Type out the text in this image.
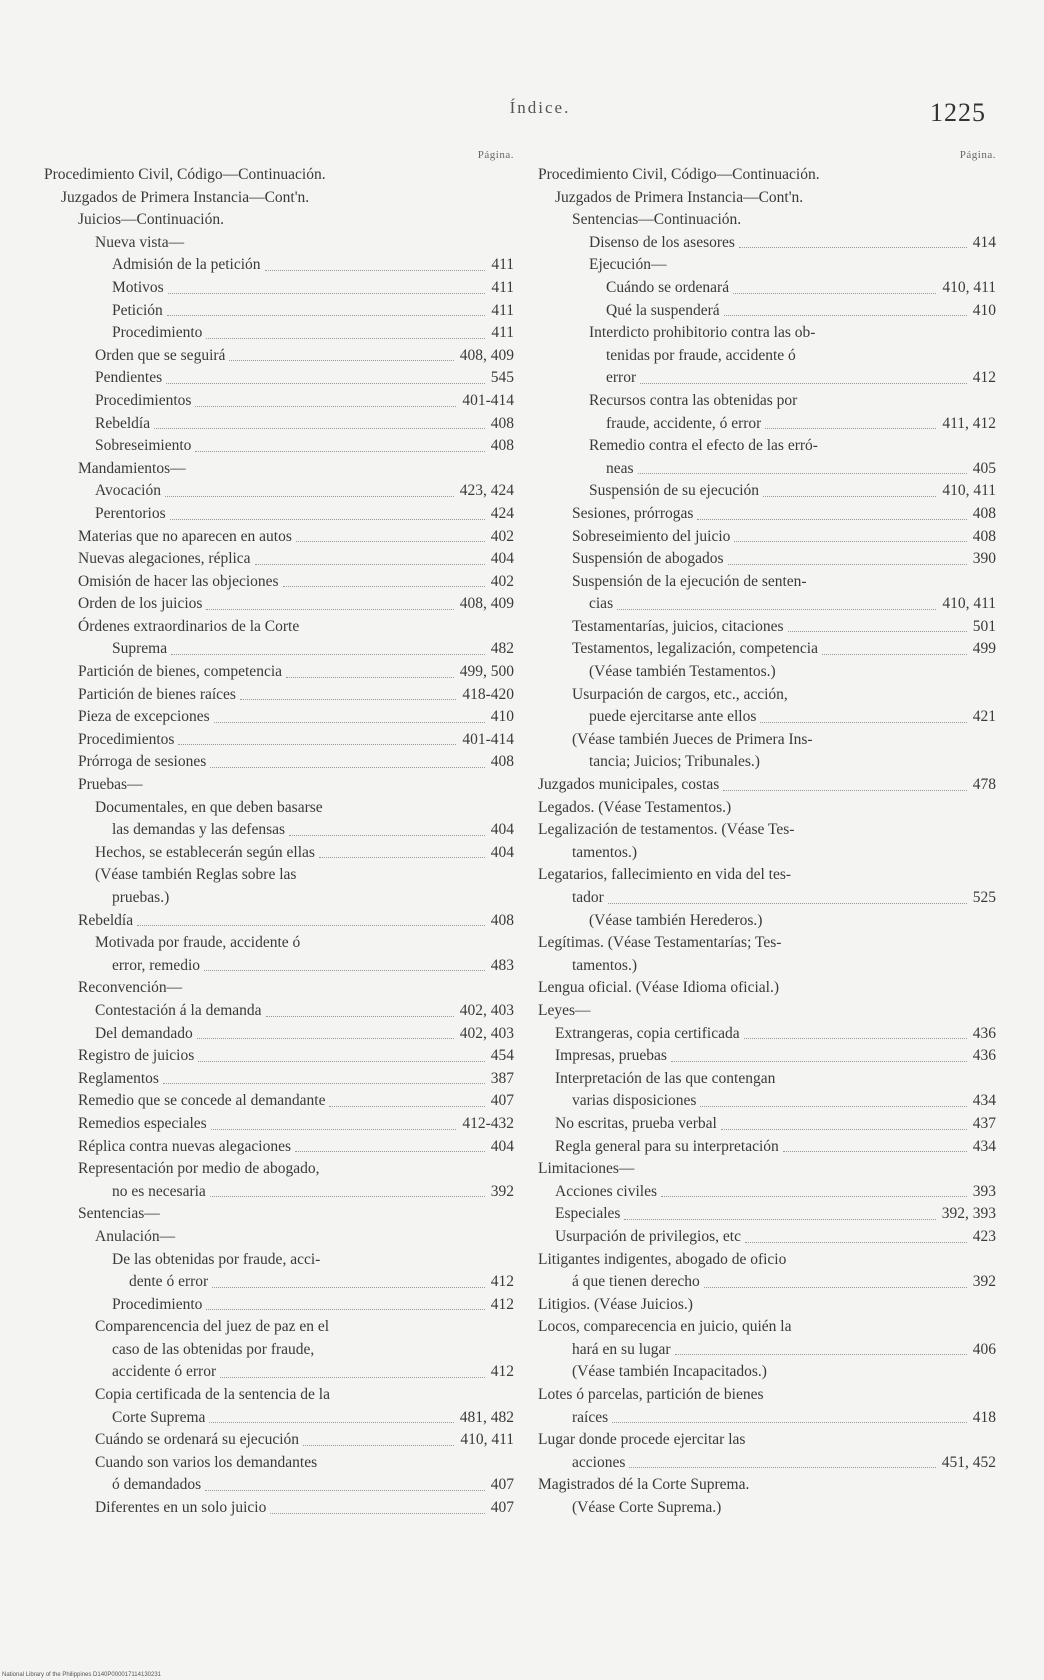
Índice.	1225
Página.
Procedimiento Civil, Código—Continuación.
Juzgados de Primera Instancia—Cont'n.
Juicios—Continuación.
Nueva vista—
Admisión de la petición	411
Motivos	411
Petición	411
Procedimiento	411
Orden que se seguirá	408, 409
Pendientes	545
Procedimientos	401-414
Rebeldía	408
Sobreseimiento	408
Mandamientos—
Avocación	423, 424
Perentorios	424
Materias que no aparecen en autos	402
Nuevas alegaciones, réplica	404
Omisión de hacer las objeciones	402
Orden de los juicios	408, 409
Órdenes extraordinarios de la Corte
Suprema	482
Partición de bienes, competencia	499, 500
Partición de bienes raíces	418-420
Pieza de excepciones	410
Procedimientos	401-414
Prórroga de sesiones	408
Pruebas—
Documentales, en que deben basarse
las demandas y las defensas	404
Hechos, se establecerán según ellas	404
(Véase también Reglas sobre las
pruebas.)
Rebeldía	408
Motivada por fraude, accidente ó
error, remedio	483
Reconvención—
Contestación á la demanda	402, 403
Del demandado	402, 403
Registro de juicios	454
Reglamentos	387
Remedio que se concede al demandante	407
Remedios especiales	412-432
Réplica contra nuevas alegaciones	404
Representación por medio de abogado,
no es necesaria	392
Sentencias—
Anulación—
De las obtenidas por fraude, acci-
dente ó error	412
Procedimiento	412
Comparencencia del juez de paz en el
caso de las obtenidas por fraude,
accidente ó error	412
Copia certificada de la sentencia de la
Corte Suprema	481, 482
Cuándo se ordenará su ejecución	410, 411
Cuando son varios los demandantes
ó demandados	407
Diferentes en un solo juicio	407
Página.
Procedimiento Civil, Código—Continuación.
Juzgados de Primera Instancia—Cont'n.
Sentencias—Continuación.
Disenso de los asesores	414
Ejecución—
Cuándo se ordenará	410, 411
Qué la suspenderá	410
Interdicto prohibitorio contra las ob-
tenidas por fraude, accidente ó
error	412
Recursos contra las obtenidas por
fraude, accidente, ó error	411, 412
Remedio contra el efecto de las erró-
neas	405
Suspensión de su ejecución	410, 411
Sesiones, prórrogas	408
Sobreseimiento del juicio	408
Suspensión de abogados	390
Suspensión de la ejecución de senten-
cias	410, 411
Testamentarías, juicios, citaciones	501
Testamentos, legalización, competencia	499
(Véase también Testamentos.)
Usurpación de cargos, etc., acción,
puede ejercitarse ante ellos	421
(Véase también Jueces de Primera Ins-
tancia; Juicios; Tribunales.)
Juzgados municipales, costas	478
Legados. (Véase Testamentos.)
Legalización de testamentos. (Véase Tes-
tamentos.)
Legatarios, fallecimiento en vida del tes-
tador	525
(Véase también Herederos.)
Legítimas. (Véase Testamentarías; Tes-
tamentos.)
Lengua oficial. (Véase Idioma oficial.)
Leyes—
Extrangeras, copia certificada	436
Impresas, pruebas	436
Interpretación de las que contengan
varias disposiciones	434
No escritas, prueba verbal	437
Regla general para su interpretación	434
Limitaciones—
Acciones civiles	393
Especiales	392, 393
Usurpación de privilegios, etc	423
Litigantes indigentes, abogado de oficio
á que tienen derecho	392
Litigios. (Véase Juicios.)
Locos, comparecencia en juicio, quién la
hará en su lugar	406
(Véase también Incapacitados.)
Lotes ó parcelas, partición de bienes
raíces	418
Lugar donde procede ejercitar las
acciones	451, 452
Magistrados dé la Corte Suprema.
(Véase Corte Suprema.)
National Library of the Philippines D140P000017114130231
